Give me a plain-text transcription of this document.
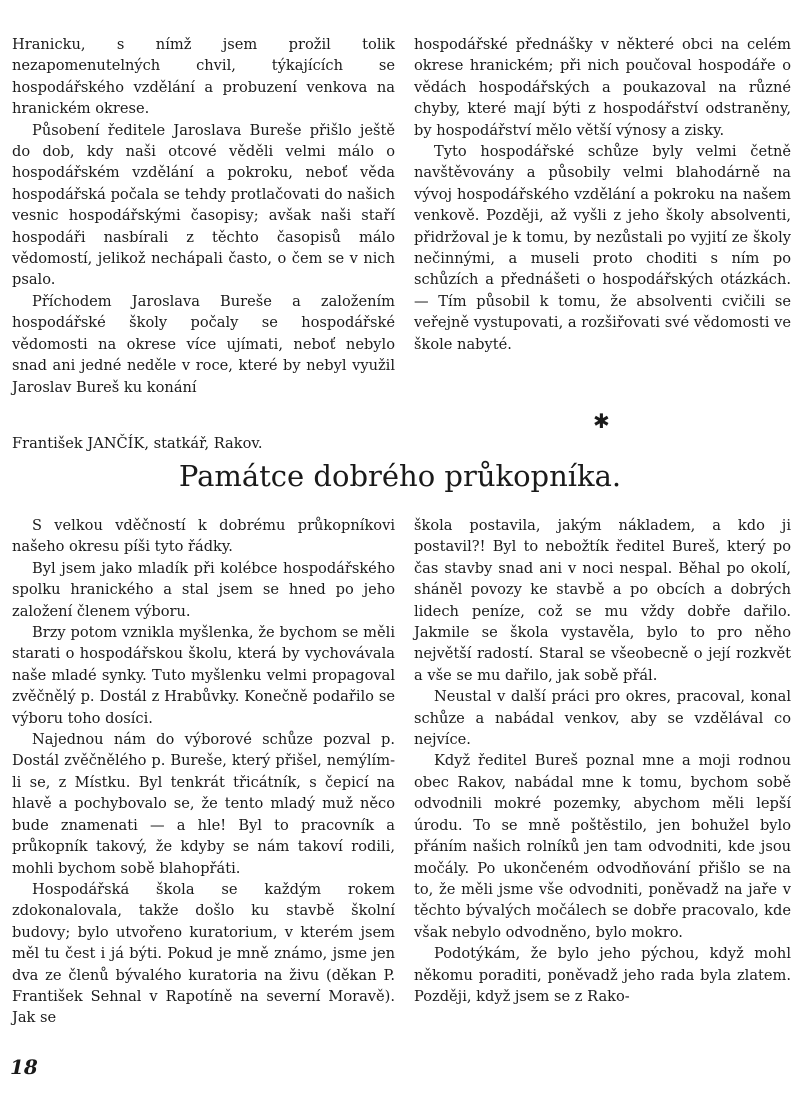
Hranicku, s nímž jsem prožil tolik nezapomenutelných chvil, týkajících se hospodářského vzdělání a probuzení venkova na hranickém okrese.

Působení ředitele Jaroslava Bureše přišlo ještě do dob, kdy naši otcové věděli velmi málo o hospodářském vzdělání a pokroku, neboť věda hospodářská počala se tehdy protlačovati do našich vesnic hospodářskými časopisy; avšak naši staří hospodáři nasbírali z těchto časopisů málo vědomostí, jelikož nechápali často, o čem se v nich psalo.

Příchodem Jaroslava Bureše a založením hospodářské školy počaly se hospodářské vědomosti na okrese více ujímati, neboť nebylo snad ani jedné neděle v roce, které by nebyl využil Jaroslav Bureš ku konání

hospodářské přednášky v některé obci na celém okrese hranickém; při nich poučoval hospodáře o vědách hospodářských a poukazoval na různé chyby, které mají býti z hospodářství odstraněny, by hospodářství mělo větší výnosy a zisky.

Tyto hospodářské schůze byly velmi četně navštěvovány a působily velmi blahodárně na vývoj hospodářského vzdělání a pokroku na našem venkově. Později, až vyšli z jeho školy absolventi, přidržoval je k tomu, by nezůstali po vyjití ze školy nečinnými, a museli proto choditi s ním po schůzích a přednášeti o hospodářských otázkách. — Tím působil k tomu, že absolventi cvičili se veřejně vystupovati, a rozšiřovati své vědomosti ve škole nabyté.

✱
František JANČÍK, statkář, Rakov.
Památce dobrého průkopníka.

S velkou vděčností k dobrému průkopníkovi našeho okresu píši tyto řádky.

Byl jsem jako mladík při kolébce hospodářského spolku hranického a stal jsem se hned po jeho založení členem výboru.

Brzy potom vznikla myšlenka, že bychom se měli starati o hospodářskou školu, která by vychovávala naše mladé synky. Tuto myšlenku velmi propagoval zvěčnělý p. Dostál z Hrabůvky. Konečně podařilo se výboru toho dosíci.

Najednou nám do výborové schůze pozval p. Dostál zvěčnělého p. Bureše, který přišel, nemýlím-li se, z Místku. Byl tenkrát třicátník, s čepicí na hlavě a pochybovalo se, že tento mladý muž něco bude znamenati — a hle! Byl to pracovník a průkopník takový, že kdyby se nám takoví rodili, mohli bychom sobě blahopřáti.

Hospodářská škola se každým rokem zdokonalovala, takže došlo ku stavbě školní budovy; bylo utvořeno kuratorium, v kterém jsem měl tu čest i já býti. Pokud je mně známo, jsme jen dva ze členů bývalého kuratoria na živu (děkan P. František Sehnal v Rapotíně na severní Moravě). Jak se

škola postavila, jakým nákladem, a kdo ji postavil?! Byl to nebožtík ředitel Bureš, který po čas stavby snad ani v noci nespal. Běhal po okolí, sháněl povozy ke stavbě a po obcích a dobrých lidech peníze, což se mu vždy dobře dařilo. Jakmile se škola vystavěla, bylo to pro něho největší radostí. Staral se všeobecně o její rozkvět a vše se mu dařilo, jak sobě přál.

Neustal v další práci pro okres, pracoval, konal schůze a nabádal venkov, aby se vzdělával co nejvíce.

Když ředitel Bureš poznal mne a moji rodnou obec Rakov, nabádal mne k tomu, bychom sobě odvodnili mokré pozemky, abychom měli lepší úrodu. To se mně poštěstilo, jen bohužel bylo přáním našich rolníků jen tam odvodniti, kde jsou močály. Po ukončeném odvodňování přišlo se na to, že měli jsme vše odvodniti, poněvadž na jaře v těchto bývalých močálech se dobře pracovalo, kde však nebylo odvodněno, bylo mokro.

Podotýkám, že bylo jeho pýchou, když mohl někomu poraditi, poněvadž jeho rada byla zlatem. Později, když jsem se z Rako-

18
